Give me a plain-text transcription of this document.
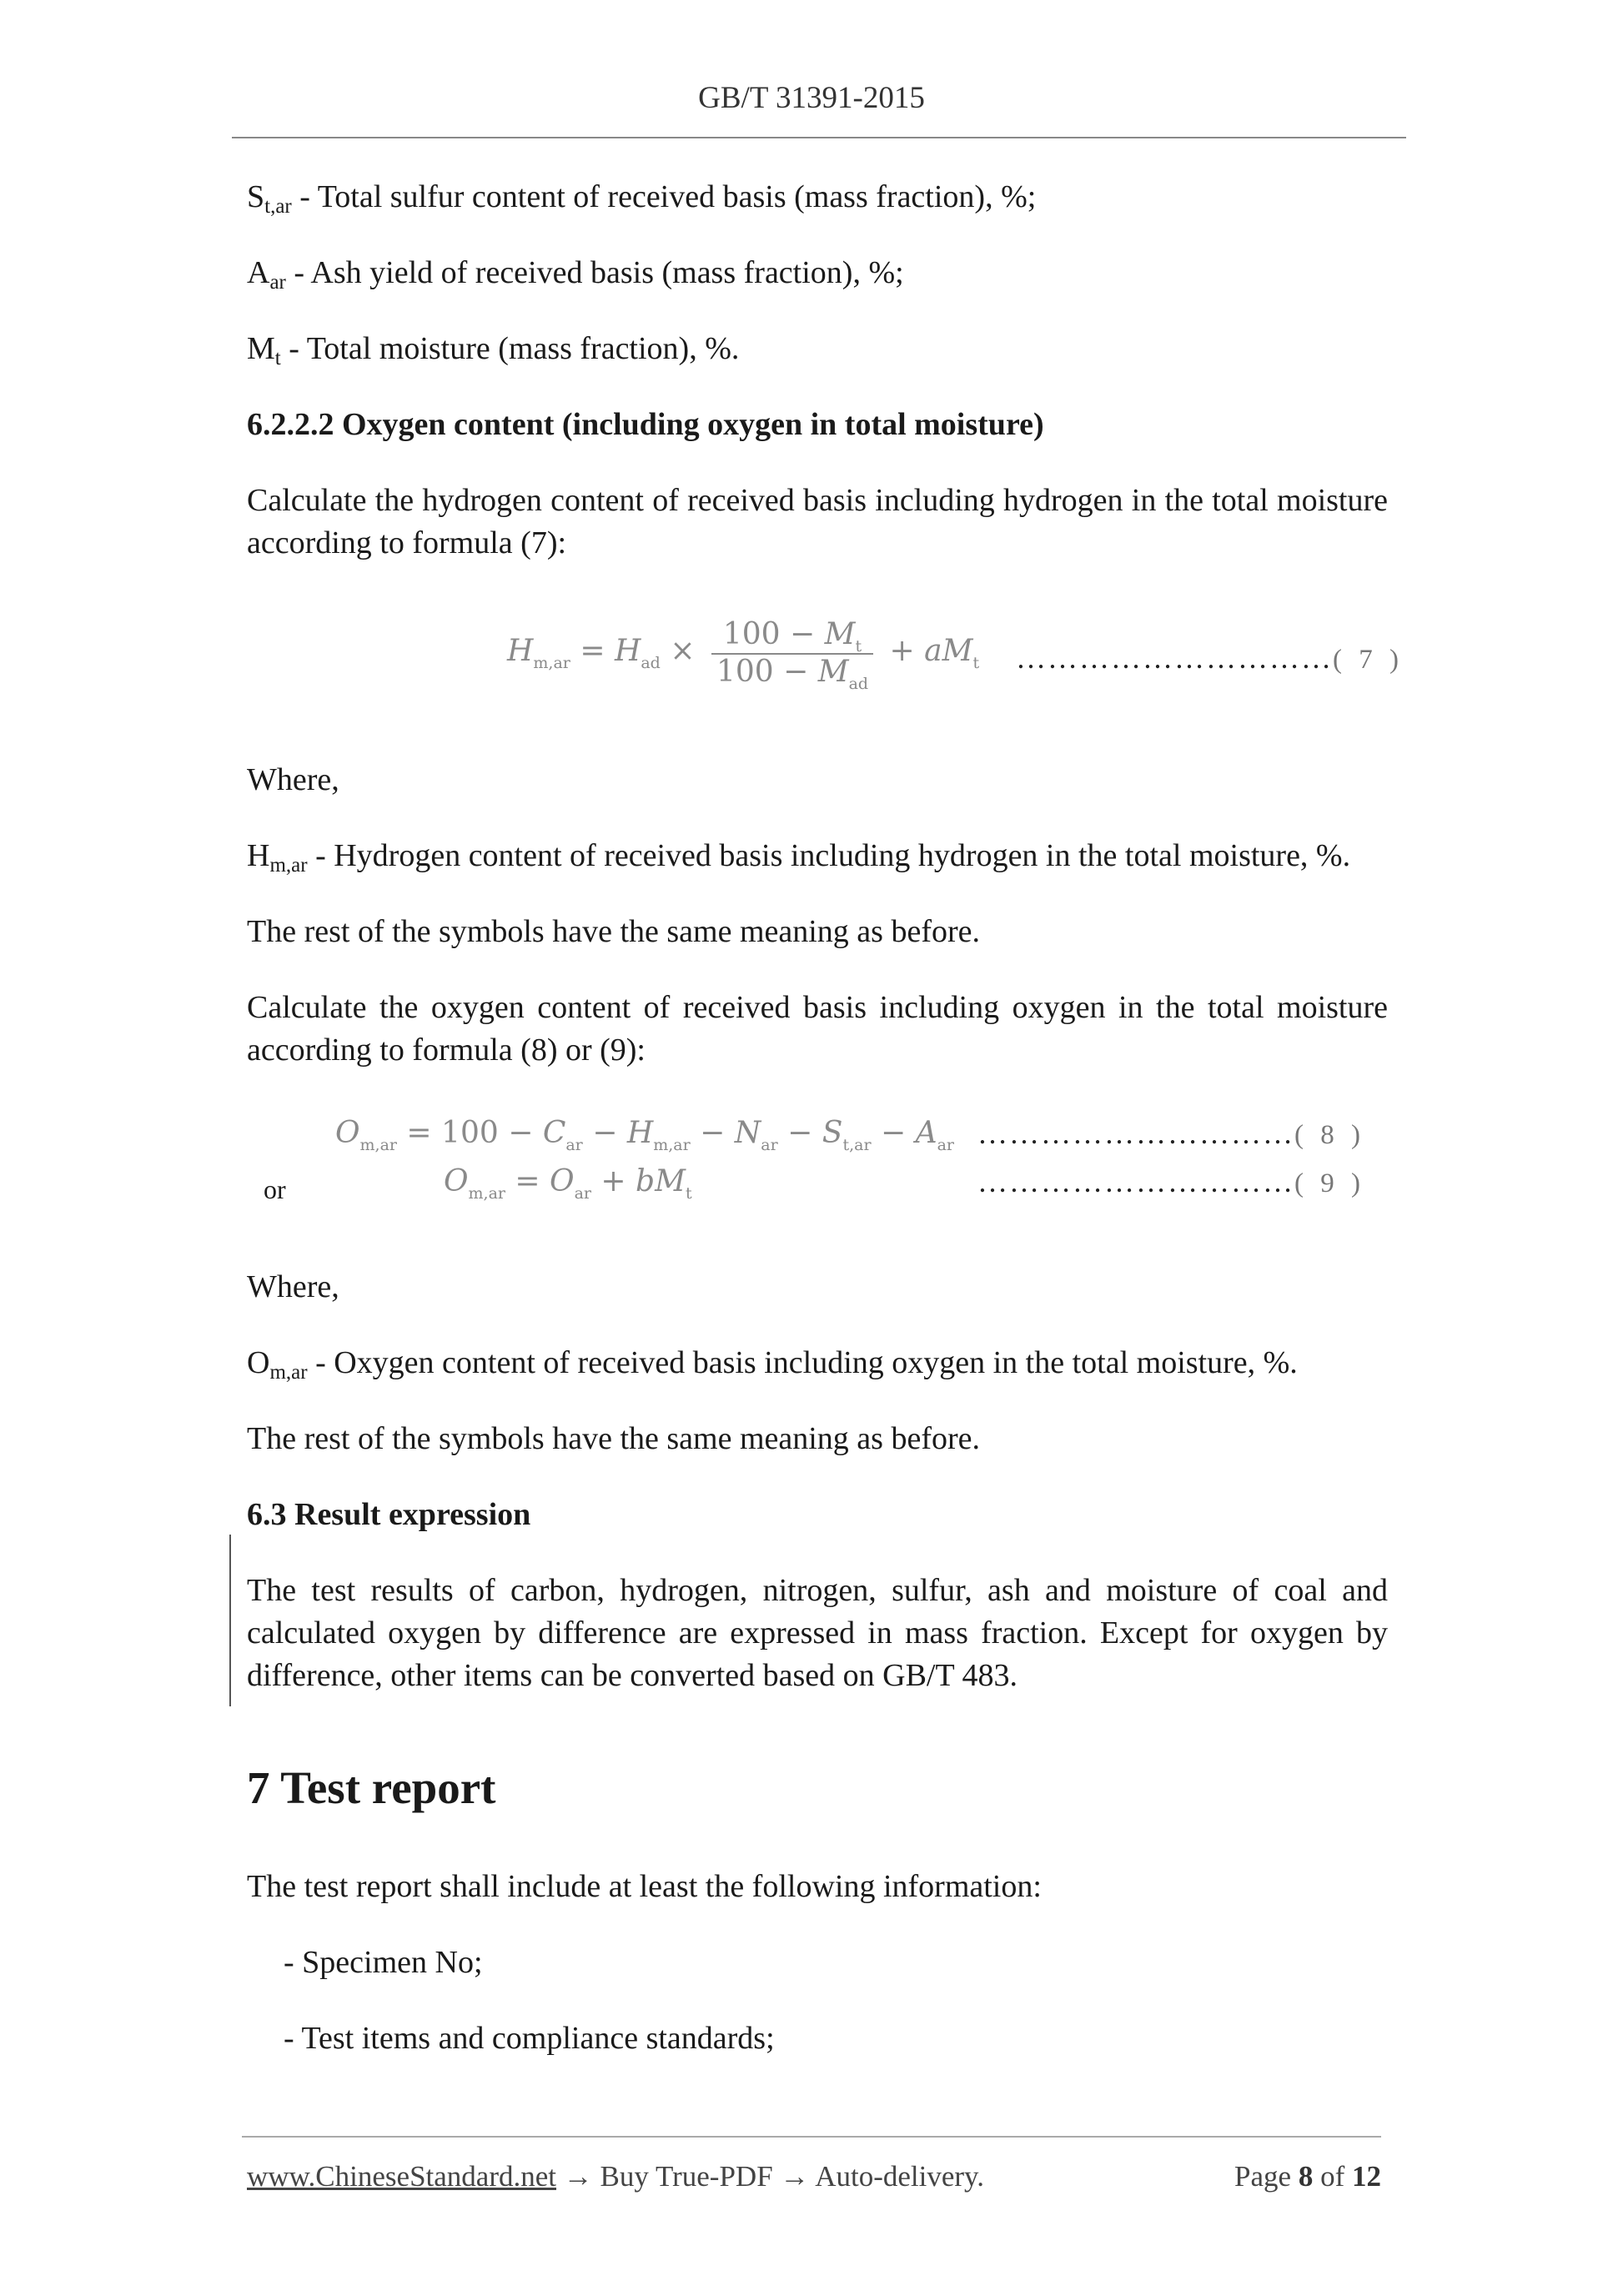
GB/T 31391-2015
$S_{t,ar}$ - Total sulfur content of received basis (mass fraction), %;
$A_{ar}$ - Ash yield of received basis (mass fraction), %;
$M_t$ - Total moisture (mass fraction), %.
6.2.2.2 Oxygen content (including oxygen in total moisture)
Calculate the hydrogen content of received basis including hydrogen in the total moisture according to formula (7):
$H_{m,ar} = H_{ad} \times \frac{100 - M_t}{100 - M_{ad}} + aM_t$ …………………………( 7 )
Where,
$H_{m,ar}$ - Hydrogen content of received basis including hydrogen in the total moisture, %.
The rest of the symbols have the same meaning as before.
Calculate the oxygen content of received basis including oxygen in the total moisture according to formula (8) or (9):
$O_{m,ar} = 100 - C_{ar} - H_{m,ar} - N_{ar} - S_{t,ar} - A_{ar}$ …………………………( 8 )
or	$O_{m,ar} = O_{ar} + bM_t$	…………………………( 9 )
Where,
$O_{m,ar}$ - Oxygen content of received basis including oxygen in the total moisture, %.
The rest of the symbols have the same meaning as before.
6.3 Result expression
The test results of carbon, hydrogen, nitrogen, sulfur, ash and moisture of coal and calculated oxygen by difference are expressed in mass fraction. Except for oxygen by difference, other items can be converted based on GB/T 483.
7 Test report
The test report shall include at least the following information:
- Specimen No;
- Test items and compliance standards;
www.ChineseStandard.net → Buy True-PDF → Auto-delivery.	Page 8 of 12
